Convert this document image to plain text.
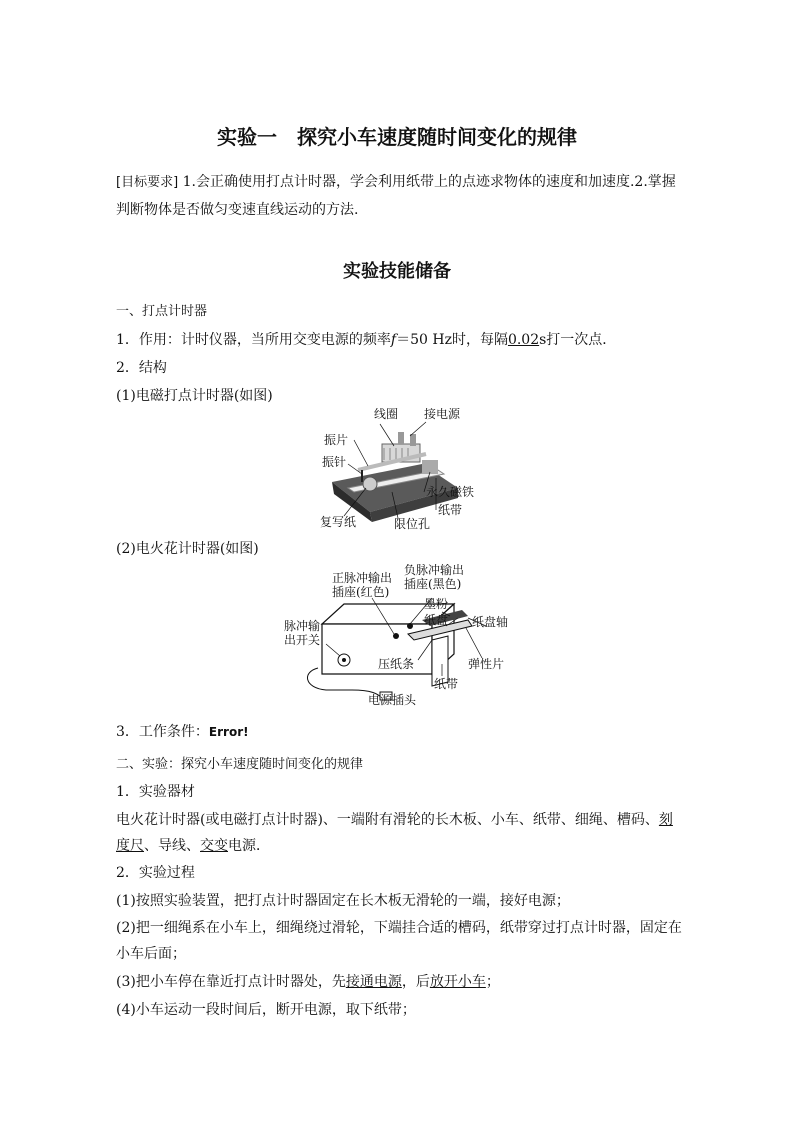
实验一　探究小车速度随时间变化的规律
[目标要求] 1.会正确使用打点计时器，学会利用纸带上的点迹求物体的速度和加速度.2.掌握
判断物体是否做匀变速直线运动的方法.
实验技能储备
一、打点计时器
1．作用：计时仪器，当所用交变电源的频率f＝50 Hz时，每隔0.02s打一次点．
2．结构
(1)电磁打点计时器(如图)
线圈 接电源
振片
振针
永久磁铁
纸带
复写纸	限位孔
(2)电火花计时器(如图)
正脉冲输出
插座(红色)
负脉冲输出
插座(黑色)
墨粉
纸盘 纸盘轴
脉冲输
出开关
压纸条	弹性片
纸带
电源插头
3．工作条件：Error!
二、实验：探究小车速度随时间变化的规律
1．实验器材
电火花计时器(或电磁打点计时器)、一端附有滑轮的长木板、小车、纸带、细绳、槽码、刻
度尺、导线、交变电源．
2．实验过程
(1)按照实验装置，把打点计时器固定在长木板无滑轮的一端，接好电源；
(2)把一细绳系在小车上，细绳绕过滑轮，下端挂合适的槽码，纸带穿过打点计时器，固定在
小车后面；
(3)把小车停在靠近打点计时器处，先接通电源，后放开小车；
(4)小车运动一段时间后，断开电源，取下纸带；
